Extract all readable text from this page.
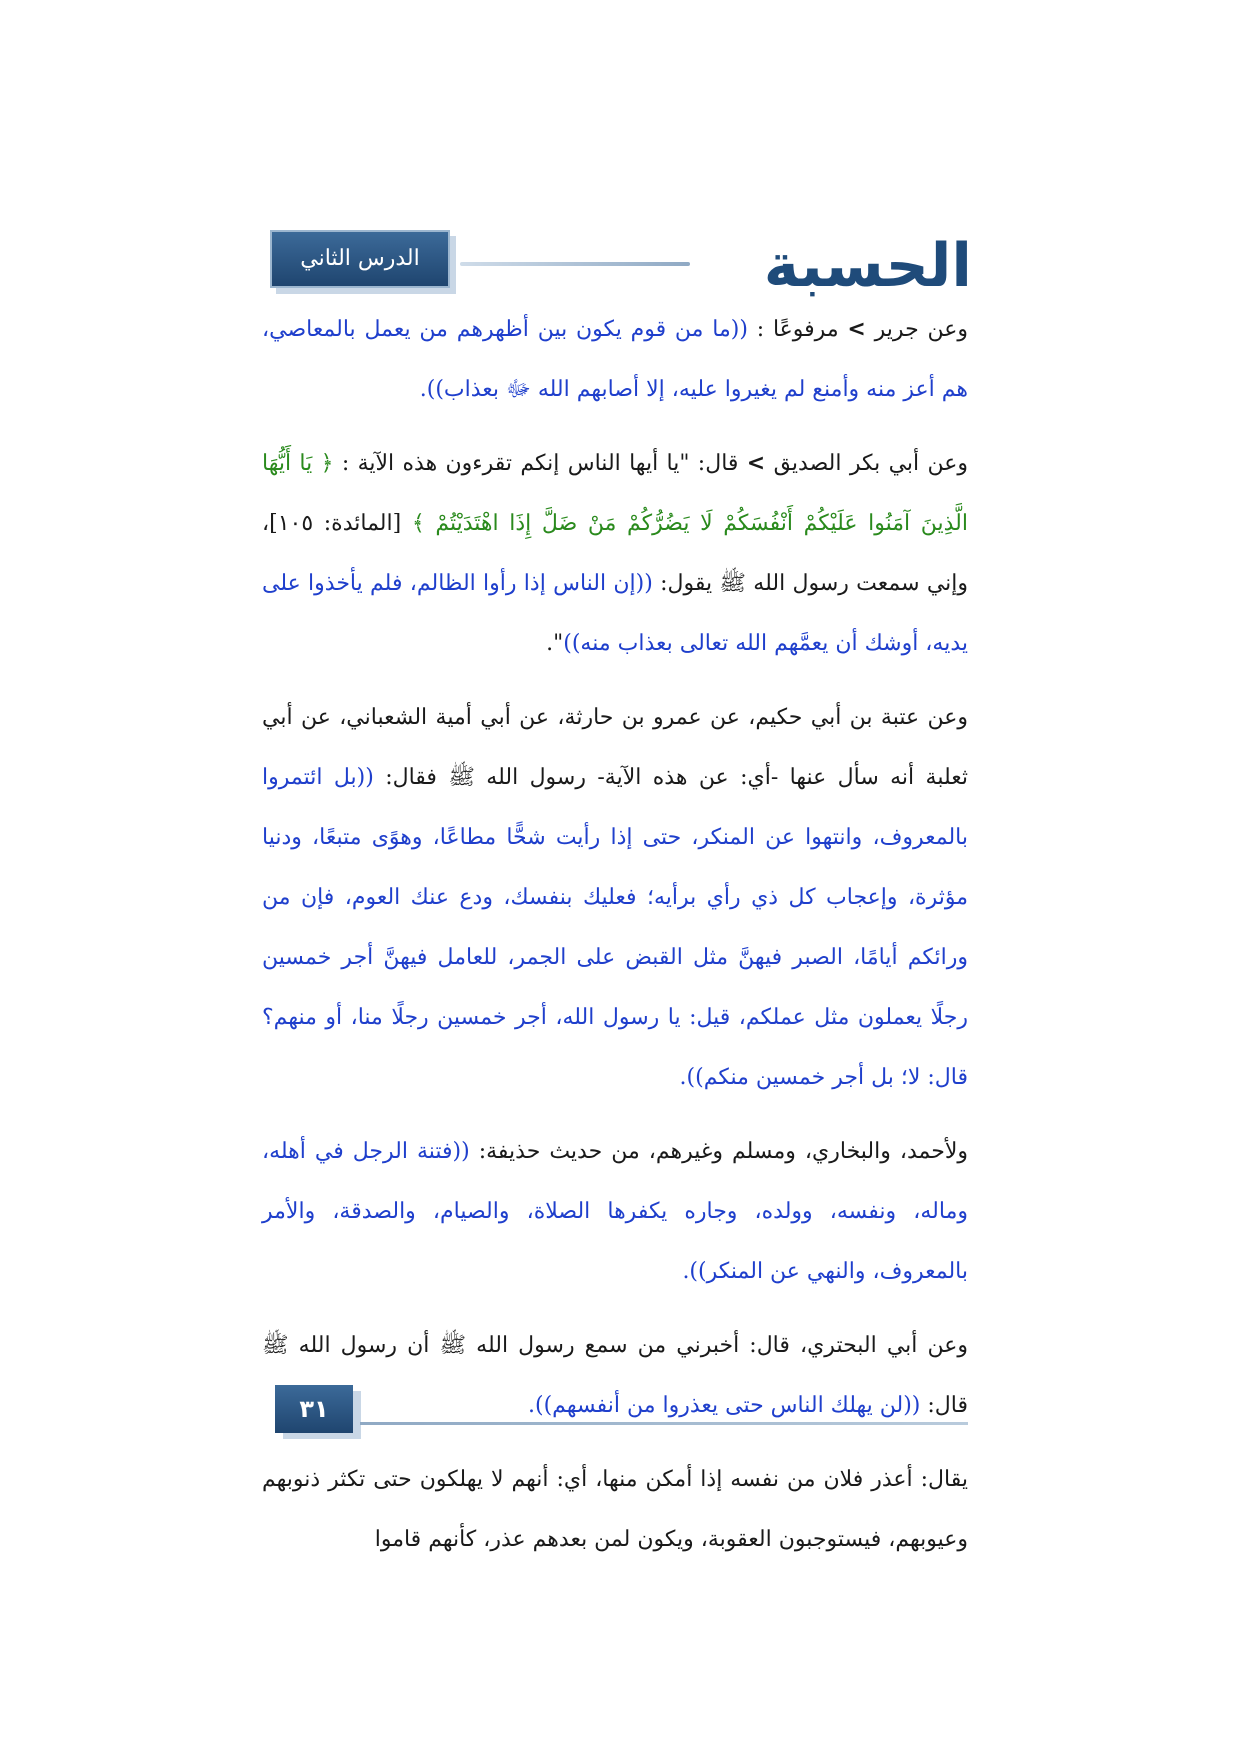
الحسبة
الدرس الثاني

وعن جرير > مرفوعًا : ((ما من قوم يكون بين أظهرهم من يعمل بالمعاصي، هم أعز منه وأمنع لم يغيروا عليه، إلا أصابهم الله ﷻ بعذاب)).

وعن أبي بكر الصديق > قال: "يا أيها الناس إنكم تقرءون هذه الآية : ﴿ يَا أَيُّهَا الَّذِينَ آمَنُوا عَلَيْكُمْ أَنْفُسَكُمْ لَا يَضُرُّكُمْ مَنْ ضَلَّ إِذَا اهْتَدَيْتُمْ ﴾ [المائدة: ١٠٥]، وإني سمعت رسول الله ﷺ يقول: ((إن الناس إذا رأوا الظالم، فلم يأخذوا على يديه، أوشك أن يعمَّهم الله تعالى بعذاب منه))".

وعن عتبة بن أبي حكيم، عن عمرو بن حارثة، عن أبي أمية الشعباني، عن أبي ثعلبة أنه سأل عنها -أي: عن هذه الآية- رسول الله ﷺ فقال: ((بل ائتمروا بالمعروف، وانتهوا عن المنكر، حتى إذا رأيت شحًّا مطاعًا، وهوًى متبعًا، ودنيا مؤثرة، وإعجاب كل ذي رأي برأيه؛ فعليك بنفسك، ودع عنك العوم، فإن من ورائكم أيامًا، الصبر فيهنَّ مثل القبض على الجمر، للعامل فيهنَّ أجر خمسين رجلًا يعملون مثل عملكم، قيل: يا رسول الله، أجر خمسين رجلًا منا، أو منهم؟ قال: لا؛ بل أجر خمسين منكم)).

ولأحمد، والبخاري، ومسلم وغيرهم، من حديث حذيفة: ((فتنة الرجل في أهله، وماله، ونفسه، وولده، وجاره يكفرها الصلاة، والصيام، والصدقة، والأمر بالمعروف، والنهي عن المنكر)).

وعن أبي البحتري، قال: أخبرني من سمع رسول الله ﷺ أن رسول الله ﷺ قال: ((لن يهلك الناس حتى يعذروا من أنفسهم)).

يقال: أعذر فلان من نفسه إذا أمكن منها، أي: أنهم لا يهلكون حتى تكثر ذنوبهم وعيوبهم، فيستوجبون العقوبة، ويكون لمن بعدهم عذر، كأنهم قاموا

٣١
